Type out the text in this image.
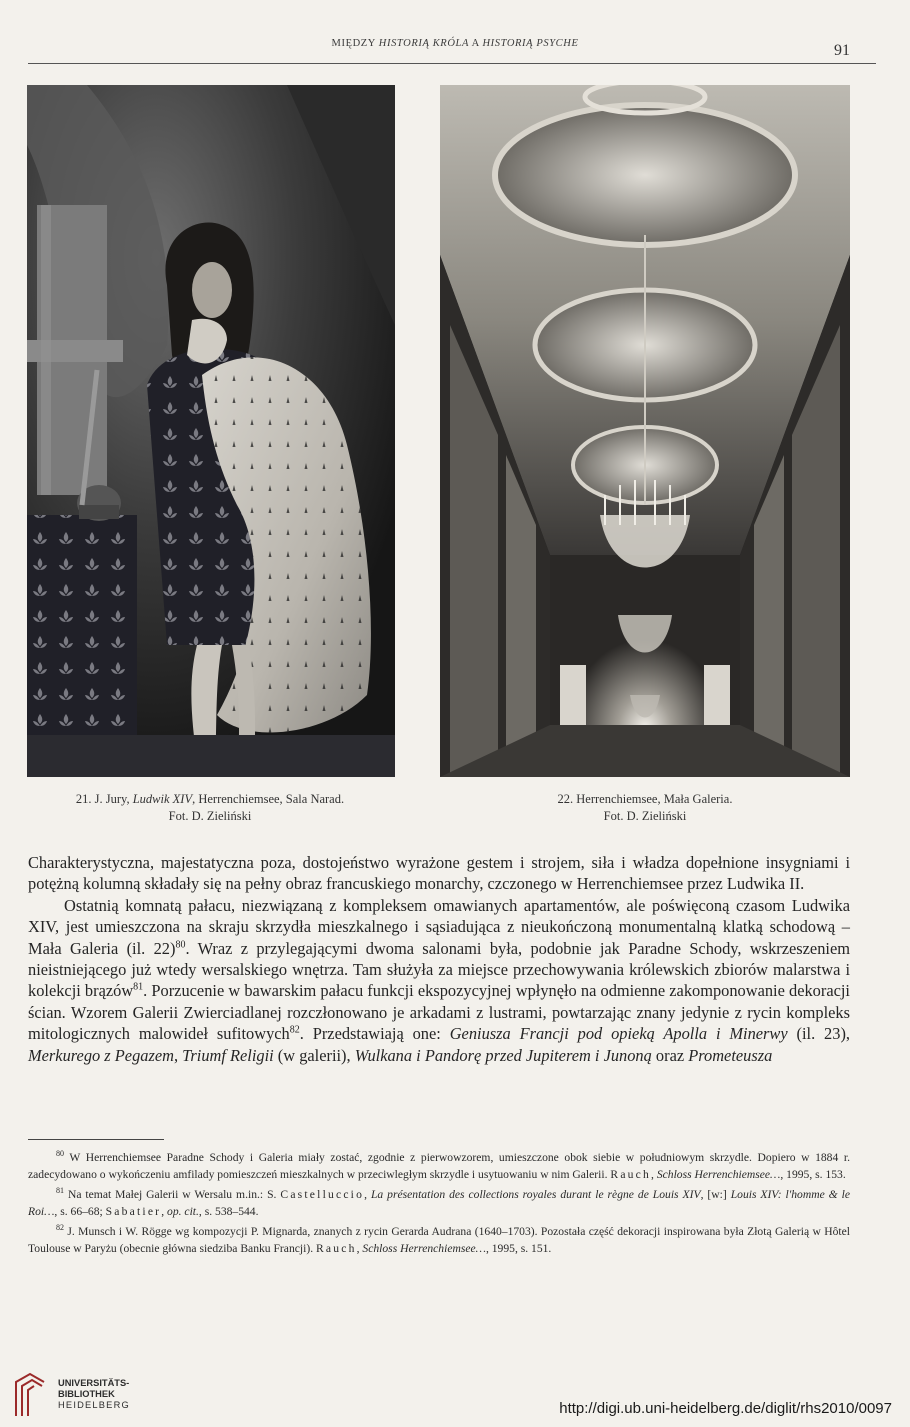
MIĘDZY HISTORIĄ KRÓLA A HISTORIĄ PSYCHE	91
21. J. Jury, Ludwik XIV, Herrenchiemsee, Sala Narad.
Fot. D. Zieliński
22. Herrenchiemsee, Mała Galeria.
Fot. D. Zieliński

Charakterystyczna, majestatyczna poza, dostojeństwo wyrażone gestem i strojem, siła i władza dopełnione insygniami i potężną kolumną składały się na pełny obraz francuskiego monarchy, czczonego w Herrenchiemsee przez Ludwika II.

Ostatnią komnatą pałacu, niezwiązaną z kompleksem omawianych apartamentów, ale poświęconą czasom Ludwika XIV, jest umieszczona na skraju skrzydła mieszkalnego i sąsiadująca z nieukończoną monumentalną klatką schodową – Mała Galeria (il. 22)$^{80}$. Wraz z przylegającymi dwoma salonami była, podobnie jak Paradne Schody, wskrzeszeniem nieistniejącego już wtedy wersalskiego wnętrza. Tam służyła za miejsce przechowywania królewskich zbiorów malarstwa i kolekcji brązów$^{81}$. Porzucenie w bawarskim pałacu funkcji ekspozycyjnej wpłynęło na odmienne zakomponowanie dekoracji ścian. Wzorem Galerii Zwierciadlanej rozczłonowano je arkadami z lustrami, powtarzając znany jedynie z rycin kompleks mitologicznych malowideł sufitowych$^{82}$. Przedstawiają one: Geniusza Francji pod opieką Apolla i Minerwy (il. 23), Merkurego z Pegazem, Triumf Religii (w galerii), Wulkana i Pandorę przed Jupiterem i Junoną oraz Prometeusza

$^{80}$ W Herrenchiemsee Paradne Schody i Galeria miały zostać, zgodnie z pierwowzorem, umieszczone obok siebie w południowym skrzydle. Dopiero w 1884 r. zadecydowano o wykończeniu amfilady pomieszczeń mieszkalnych w przeciwległym skrzydle i usytuowaniu w nim Galerii. Rauch, Schloss Herrenchiemsee…, 1995, s. 153.

$^{81}$ Na temat Małej Galerii w Wersalu m.in.: S. Castelluccio, La présentation des collections royales durant le règne de Louis XIV, [w:] Louis XIV: l'homme & le Roi…, s. 66–68; Sabatier, op. cit., s. 538–544.

$^{82}$ J. Munsch i W. Rögge wg kompozycji P. Mignarda, znanych z rycin Gerarda Audrana (1640–1703). Pozostała część dekoracji inspirowana była Złotą Galerią w Hôtel Toulouse w Paryżu (obecnie główna siedziba Banku Francji). Rauch, Schloss Herrenchiemsee…, 1995, s. 151.

UNIVERSITÄTS-
BIBLIOTHEK
HEIDELBERG	http://digi.ub.uni-heidelberg.de/diglit/rhs2010/0097
